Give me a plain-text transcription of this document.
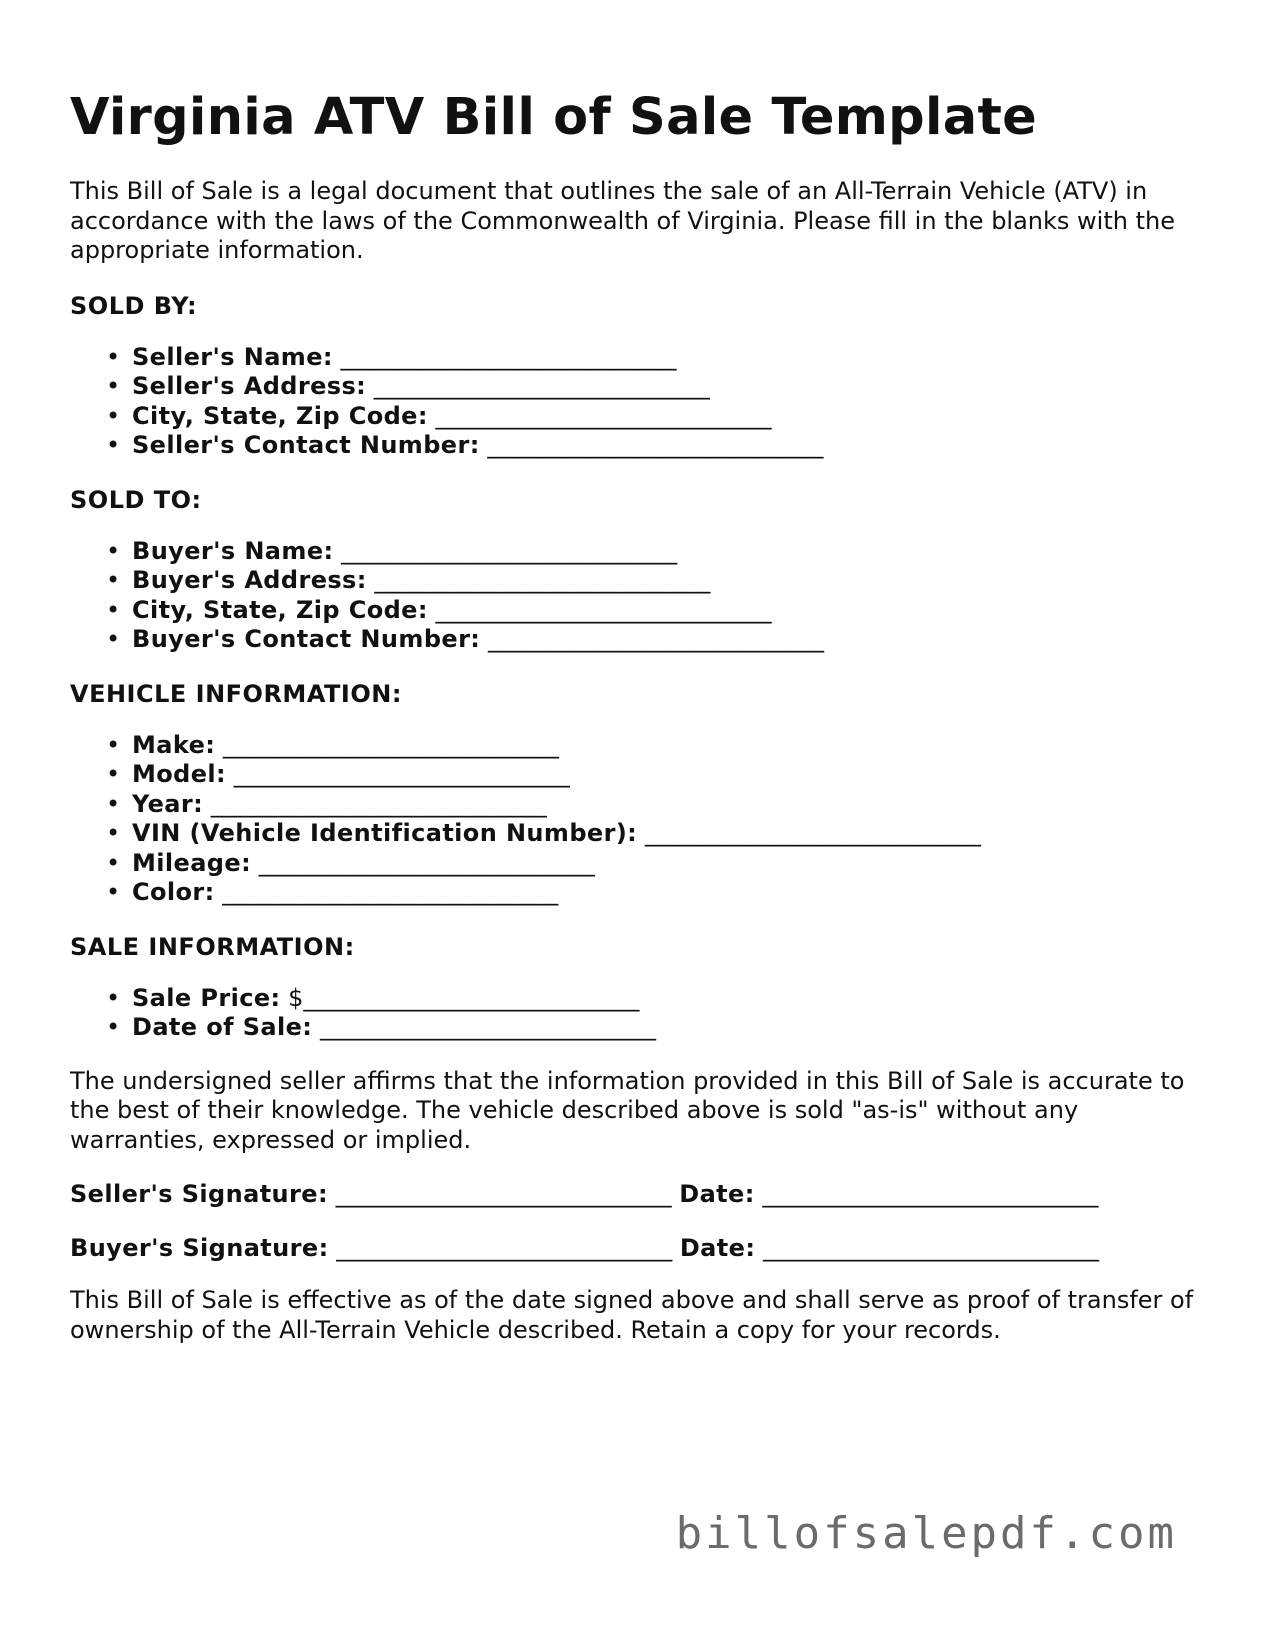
Virginia ATV Bill of Sale Template

This Bill of Sale is a legal document that outlines the sale of an All-Terrain Vehicle (ATV) in accordance with the laws of the Commonwealth of Virginia. Please fill in the blanks with the appropriate information.

SOLD BY:

• Seller's Name: ____________________________
• Seller's Address: ____________________________
• City, State, Zip Code: ____________________________
• Seller's Contact Number: ____________________________

SOLD TO:

• Buyer's Name: ____________________________
• Buyer's Address: ____________________________
• City, State, Zip Code: ____________________________
• Buyer's Contact Number: ____________________________

VEHICLE INFORMATION:

• Make: ____________________________
• Model: ____________________________
• Year: ____________________________
• VIN (Vehicle Identification Number): ____________________________
• Mileage: ____________________________
• Color: ____________________________

SALE INFORMATION:

• Sale Price: $____________________________
• Date of Sale: ____________________________

The undersigned seller affirms that the information provided in this Bill of Sale is accurate to the best of their knowledge. The vehicle described above is sold "as-is" without any warranties, expressed or implied.

Seller's Signature: ____________________________ Date: ____________________________
Buyer's Signature: ____________________________ Date: ____________________________

This Bill of Sale is effective as of the date signed above and shall serve as proof of transfer of ownership of the All-Terrain Vehicle described. Retain a copy for your records.

billofsalepdf.com
